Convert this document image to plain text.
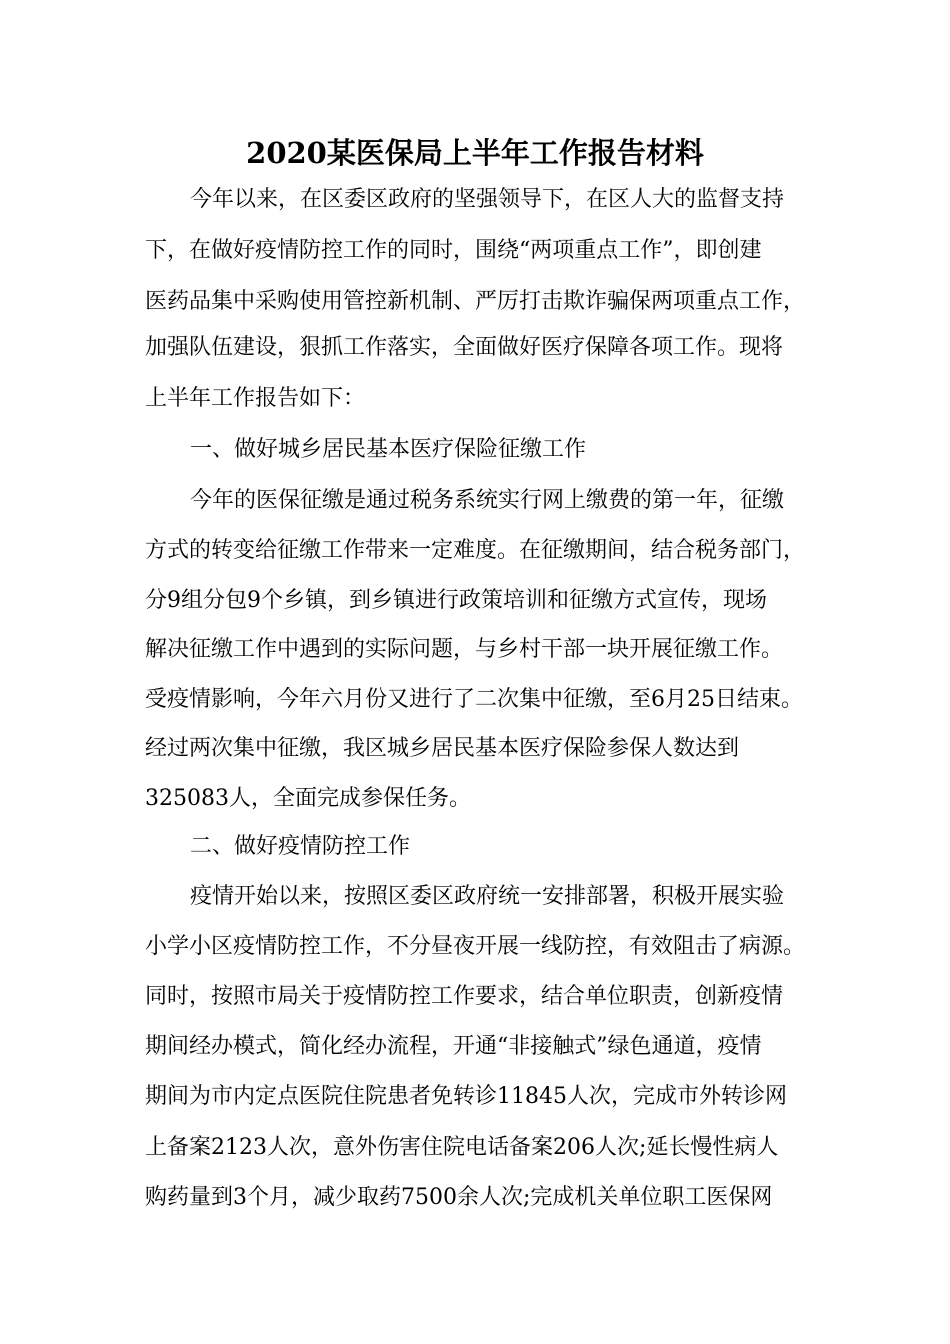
2020某医保局上半年工作报告材料
今年以来，在区委区政府的坚强领导下，在区人大的监督支持
下，在做好疫情防控工作的同时，围绕“两项重点工作”，即创建
医药品集中采购使用管控新机制、严厉打击欺诈骗保两项重点工作，
加强队伍建设，狠抓工作落实，全面做好医疗保障各项工作。现将
上半年工作报告如下：
一、做好城乡居民基本医疗保险征缴工作
今年的医保征缴是通过税务系统实行网上缴费的第一年，征缴
方式的转变给征缴工作带来一定难度。在征缴期间，结合税务部门，
分9组分包9个乡镇，到乡镇进行政策培训和征缴方式宣传，现场
解决征缴工作中遇到的实际问题，与乡村干部一块开展征缴工作。
受疫情影响，今年六月份又进行了二次集中征缴，至6月25日结束。
经过两次集中征缴，我区城乡居民基本医疗保险参保人数达到
325083人，全面完成参保任务。
二、做好疫情防控工作
疫情开始以来，按照区委区政府统一安排部署，积极开展实验
小学小区疫情防控工作，不分昼夜开展一线防控，有效阻击了病源。
同时，按照市局关于疫情防控工作要求，结合单位职责，创新疫情
期间经办模式，简化经办流程，开通“非接触式”绿色通道，疫情
期间为市内定点医院住院患者免转诊11845人次，完成市外转诊网
上备案2123人次，意外伤害住院电话备案206人次;延长慢性病人
购药量到3个月，减少取药7500余人次;完成机关单位职工医保网
